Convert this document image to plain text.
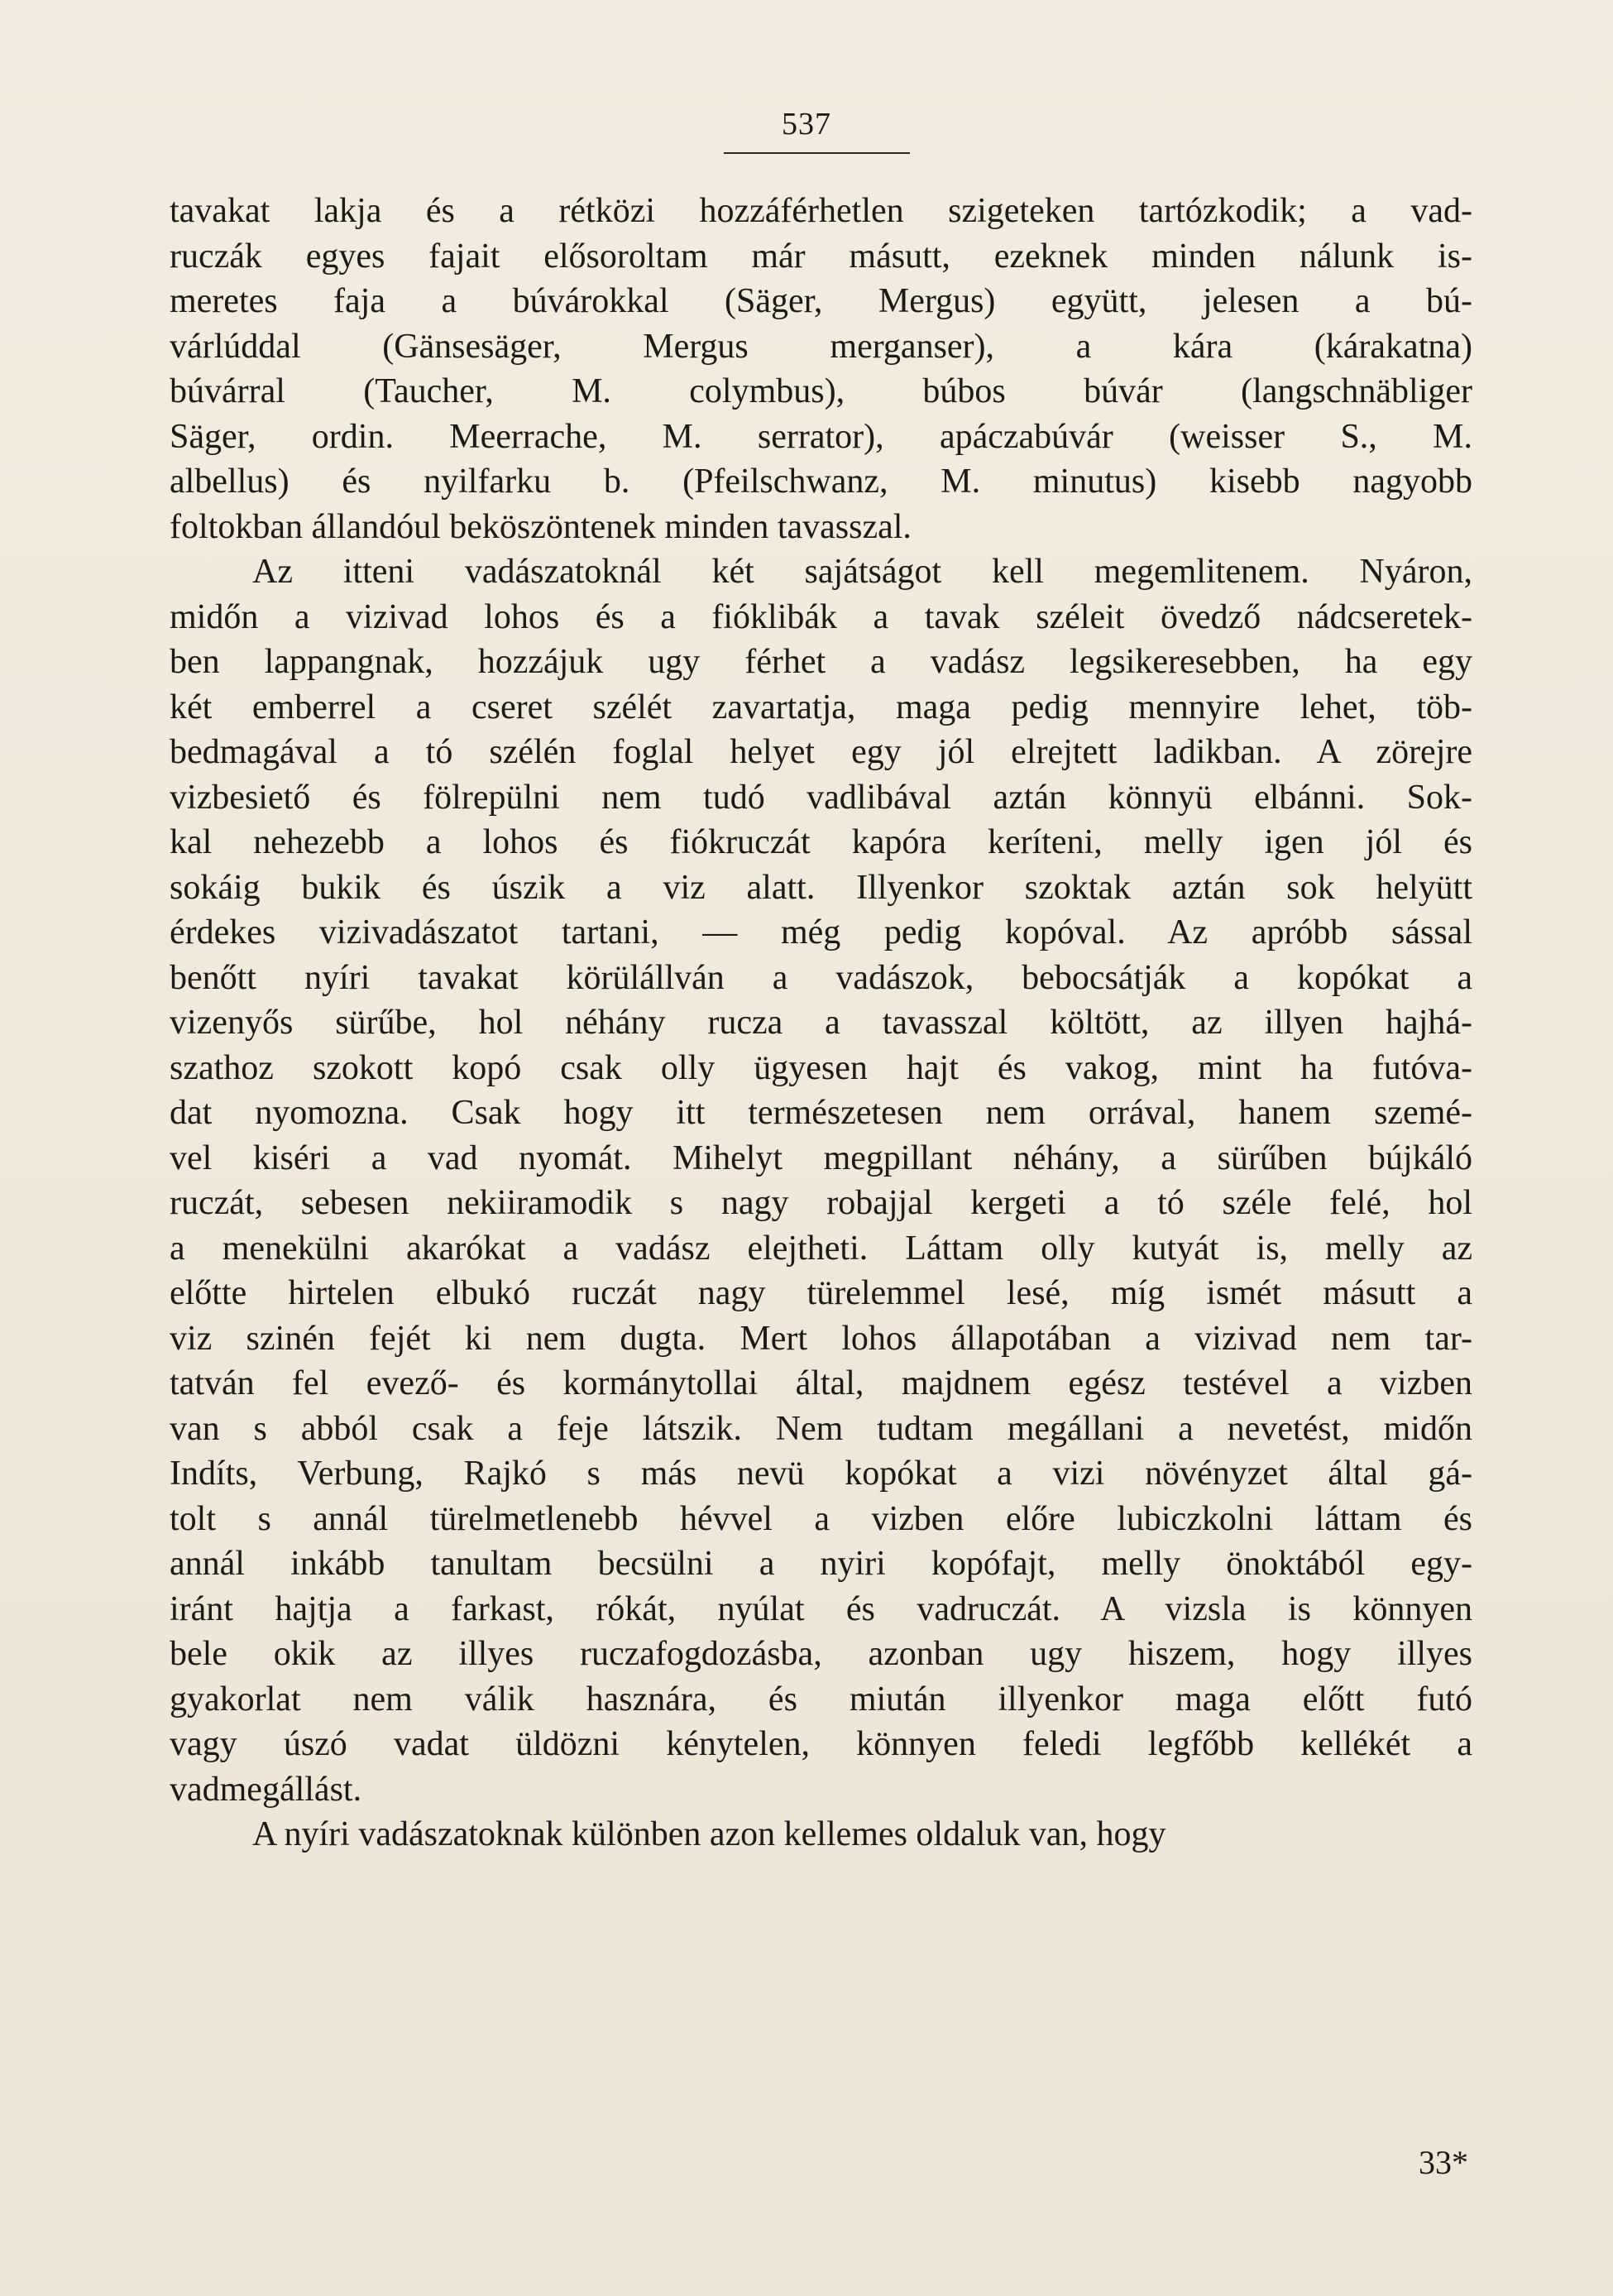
537
tavakat lakja és a rétközi hozzáférhetlen szigeteken tartózkodik; a vad-
ruczák egyes fajait elősoroltam már másutt, ezeknek minden nálunk is-
meretes faja a búvárokkal (Säger, Mergus) együtt, jelesen a bú-
várlúddal (Gänsesäger, Mergus merganser), a kára (kárakatna)
búvárral (Taucher, M. colymbus), búbos búvár (langschnäbliger
Säger, ordin. Meerrache, M. serrator), apáczabúvár (weisser S., M.
albellus) és nyilfarku b. (Pfeilschwanz, M. minutus) kisebb nagyobb
foltokban állandóul beköszöntenek minden tavasszal.
Az itteni vadászatoknál két sajátságot kell megemlitenem. Nyáron,
midőn a vizivad lohos és a fióklibák a tavak széleit övedző nádcseretek-
ben lappangnak, hozzájuk ugy férhet a vadász legsikeresebben, ha egy
két emberrel a cseret szélét zavartatja, maga pedig mennyire lehet, töb-
bedmagával a tó szélén foglal helyet egy jól elrejtett ladikban. A zörejre
vizbesiető és fölrepülni nem tudó vadlibával aztán könnyü elbánni. Sok-
kal nehezebb a lohos és fiókruczát kapóra keríteni, melly igen jól és
sokáig bukik és úszik a viz alatt. Illyenkor szoktak aztán sok helyütt
érdekes vizivadászatot tartani, — még pedig kopóval. Az apróbb sással
benőtt nyíri tavakat körülállván a vadászok, bebocsátják a kopókat a
vizenyős sürűbe, hol néhány rucza a tavasszal költött, az illyen hajhá-
szathoz szokott kopó csak olly ügyesen hajt és vakog, mint ha futóva-
dat nyomozna. Csak hogy itt természetesen nem orrával, hanem szemé-
vel kiséri a vad nyomát. Mihelyt megpillant néhány, a sürűben bújkáló
ruczát, sebesen nekiiramodik s nagy robajjal kergeti a tó széle felé, hol
a menekülni akarókat a vadász elejtheti. Láttam olly kutyát is, melly az
előtte hirtelen elbukó ruczát nagy türelemmel lesé, míg ismét másutt a
viz szinén fejét ki nem dugta. Mert lohos állapotában a vizivad nem tar-
tatván fel evező- és kormánytollai által, majdnem egész testével a vizben
van s abból csak a feje látszik. Nem tudtam megállani a nevetést, midőn
Indíts, Verbung, Rajkó s más nevü kopókat a vizi növényzet által gá-
tolt s annál türelmetlenebb hévvel a vizben előre lubiczkolni láttam és
annál inkább tanultam becsülni a nyiri kopófajt, melly önoktából egy-
iránt hajtja a farkast, rókát, nyúlat és vadruczát. A vizsla is könnyen
bele okik az illyes ruczafogdozásba, azonban ugy hiszem, hogy illyes
gyakorlat nem válik hasznára, és miután illyenkor maga előtt futó
vagy úszó vadat üldözni kénytelen, könnyen feledi legfőbb kellékét a
vadmegállást.
A nyíri vadászatoknak különben azon kellemes oldaluk van, hogy
33*
